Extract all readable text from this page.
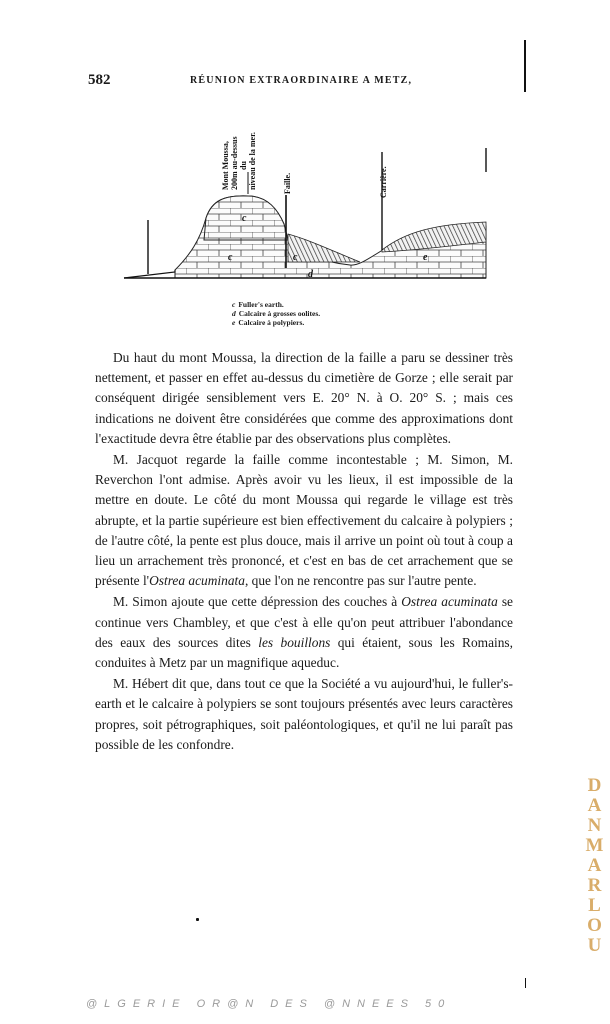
582	RÉUNION EXTRAORDINAIRE A METZ,
Mont Moussa, 200m au-dessus du niveau de la mer.	Faille.	Carrière.
c
c	c
d
e
c Fuller's earth.
d Calcaire à grosses oolites.
e Calcaire à polypiers.

Du haut du mont Moussa, la direction de la faille a paru se dessiner très nettement, et passer en effet au-dessus du cimetière de Gorze ; elle serait par conséquent dirigée sensiblement vers E. 20° N. à O. 20° S. ; mais ces indications ne doivent être considérées que comme des approximations dont l'exactitude devra être établie par des observations plus complètes.

M. Jacquot regarde la faille comme incontestable ; M. Simon, M. Reverchon l'ont admise. Après avoir vu les lieux, il est impossible de la mettre en doute. Le côté du mont Moussa qui regarde le village est très abrupte, et la partie supérieure est bien effectivement du calcaire à polypiers ; de l'autre côté, la pente est plus douce, mais il arrive un point où tout à coup a lieu un arrachement très prononcé, et c'est en bas de cet arrachement que se présente l'Ostrea acuminata, que l'on ne rencontre pas sur l'autre pente.

M. Simon ajoute que cette dépression des couches à Ostrea acuminata se continue vers Chambley, et que c'est à elle qu'on peut attribuer l'abondance des eaux des sources dites les bouillons qui étaient, sous les Romains, conduites à Metz par un magnifique aqueduc.

M. Hébert dit que, dans tout ce que la Société a vu aujourd'hui, le fuller's-earth et le calcaire à polypiers se sont toujours présentés avec leurs caractères propres, soit pétrographiques, soit paléontologiques, et qu'il ne lui paraît pas possible de les confondre.

DANMARLOU
@LGERIE OR@N DES @NNEES 50
